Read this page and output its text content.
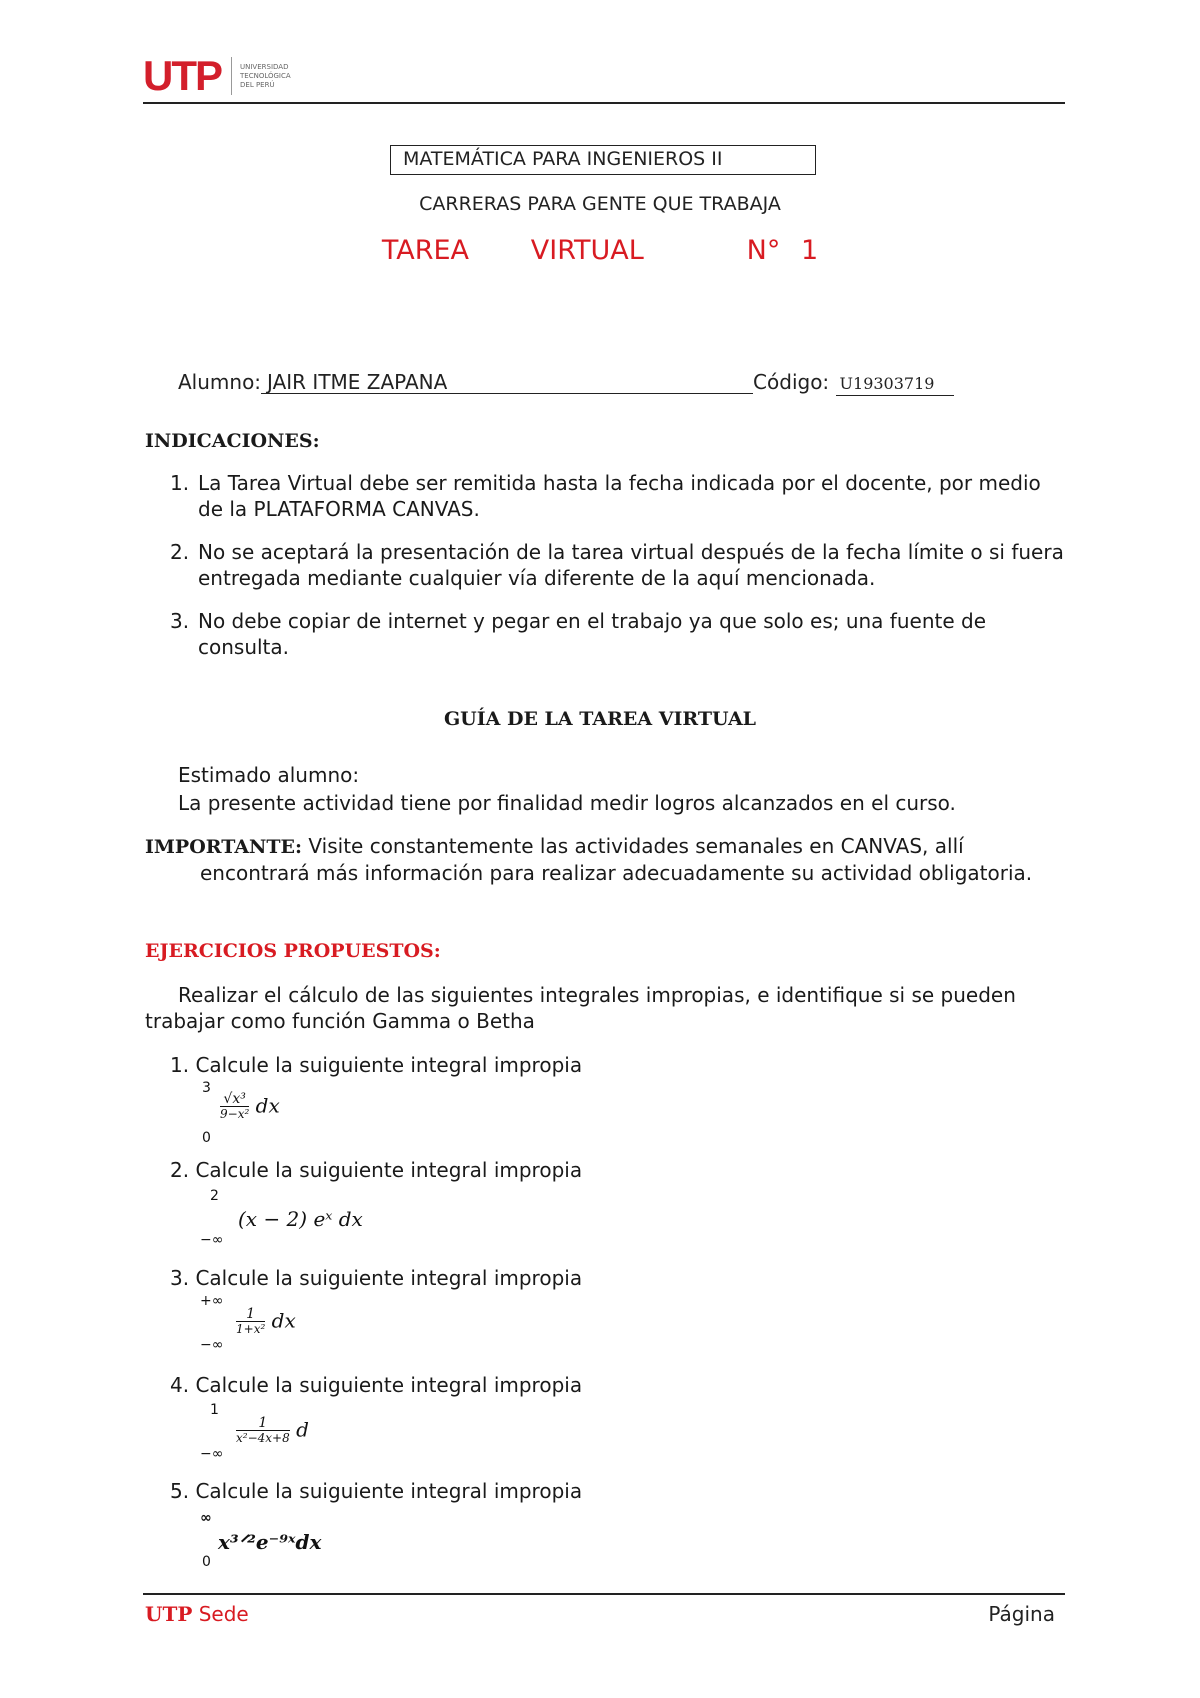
UTP	UNIVERSIDAD
TECNOLÓGICA
DEL PERÚ
MATEMÁTICA PARA INGENIEROS II
CARRERAS PARA GENTE QUE TRABAJA
TAREA   VIRTUAL     N° 1
Alumno: JAIR ITME ZAPANA	Código: U19303719
INDICACIONES:
1. La Tarea Virtual debe ser remitida hasta la fecha indicada por el docente, por medio de la PLATAFORMA CANVAS.
2. No se aceptará la presentación de la tarea virtual después de la fecha límite o si fuera entregada mediante cualquier vía diferente de la aquí mencionada.
3. No debe copiar de internet y pegar en el trabajo ya que solo es; una fuente de consulta.
GUÍA DE LA TAREA VIRTUAL
Estimado alumno:
La presente actividad tiene por finalidad medir logros alcanzados en el curso.
IMPORTANTE: Visite constantemente las actividades semanales en CANVAS, allí encontrará más información para realizar adecuadamente su actividad obligatoria.
EJERCICIOS PROPUESTOS:
Realizar el cálculo de las siguientes integrales impropias, e identifique si se pueden trabajar como función Gamma o Betha
1. Calcule la suiguiente integral impropia
3
0
$\frac{\text{√x³}}{\text{9−x²}}$ dx
2. Calcule la suiguiente integral impropia
2
−∞
(x − 2) eˣ dx
3. Calcule la suiguiente integral impropia
+∞
−∞
$\frac{1}{\text{1+x²}}$ dx
4. Calcule la suiguiente integral impropia
1
−∞
$\frac{1}{\text{x²−4x+8}}$ d
5. Calcule la suiguiente integral impropia
∞
0
x³ᐟ²e⁻⁹ˣdx
UTP Sede	Página
